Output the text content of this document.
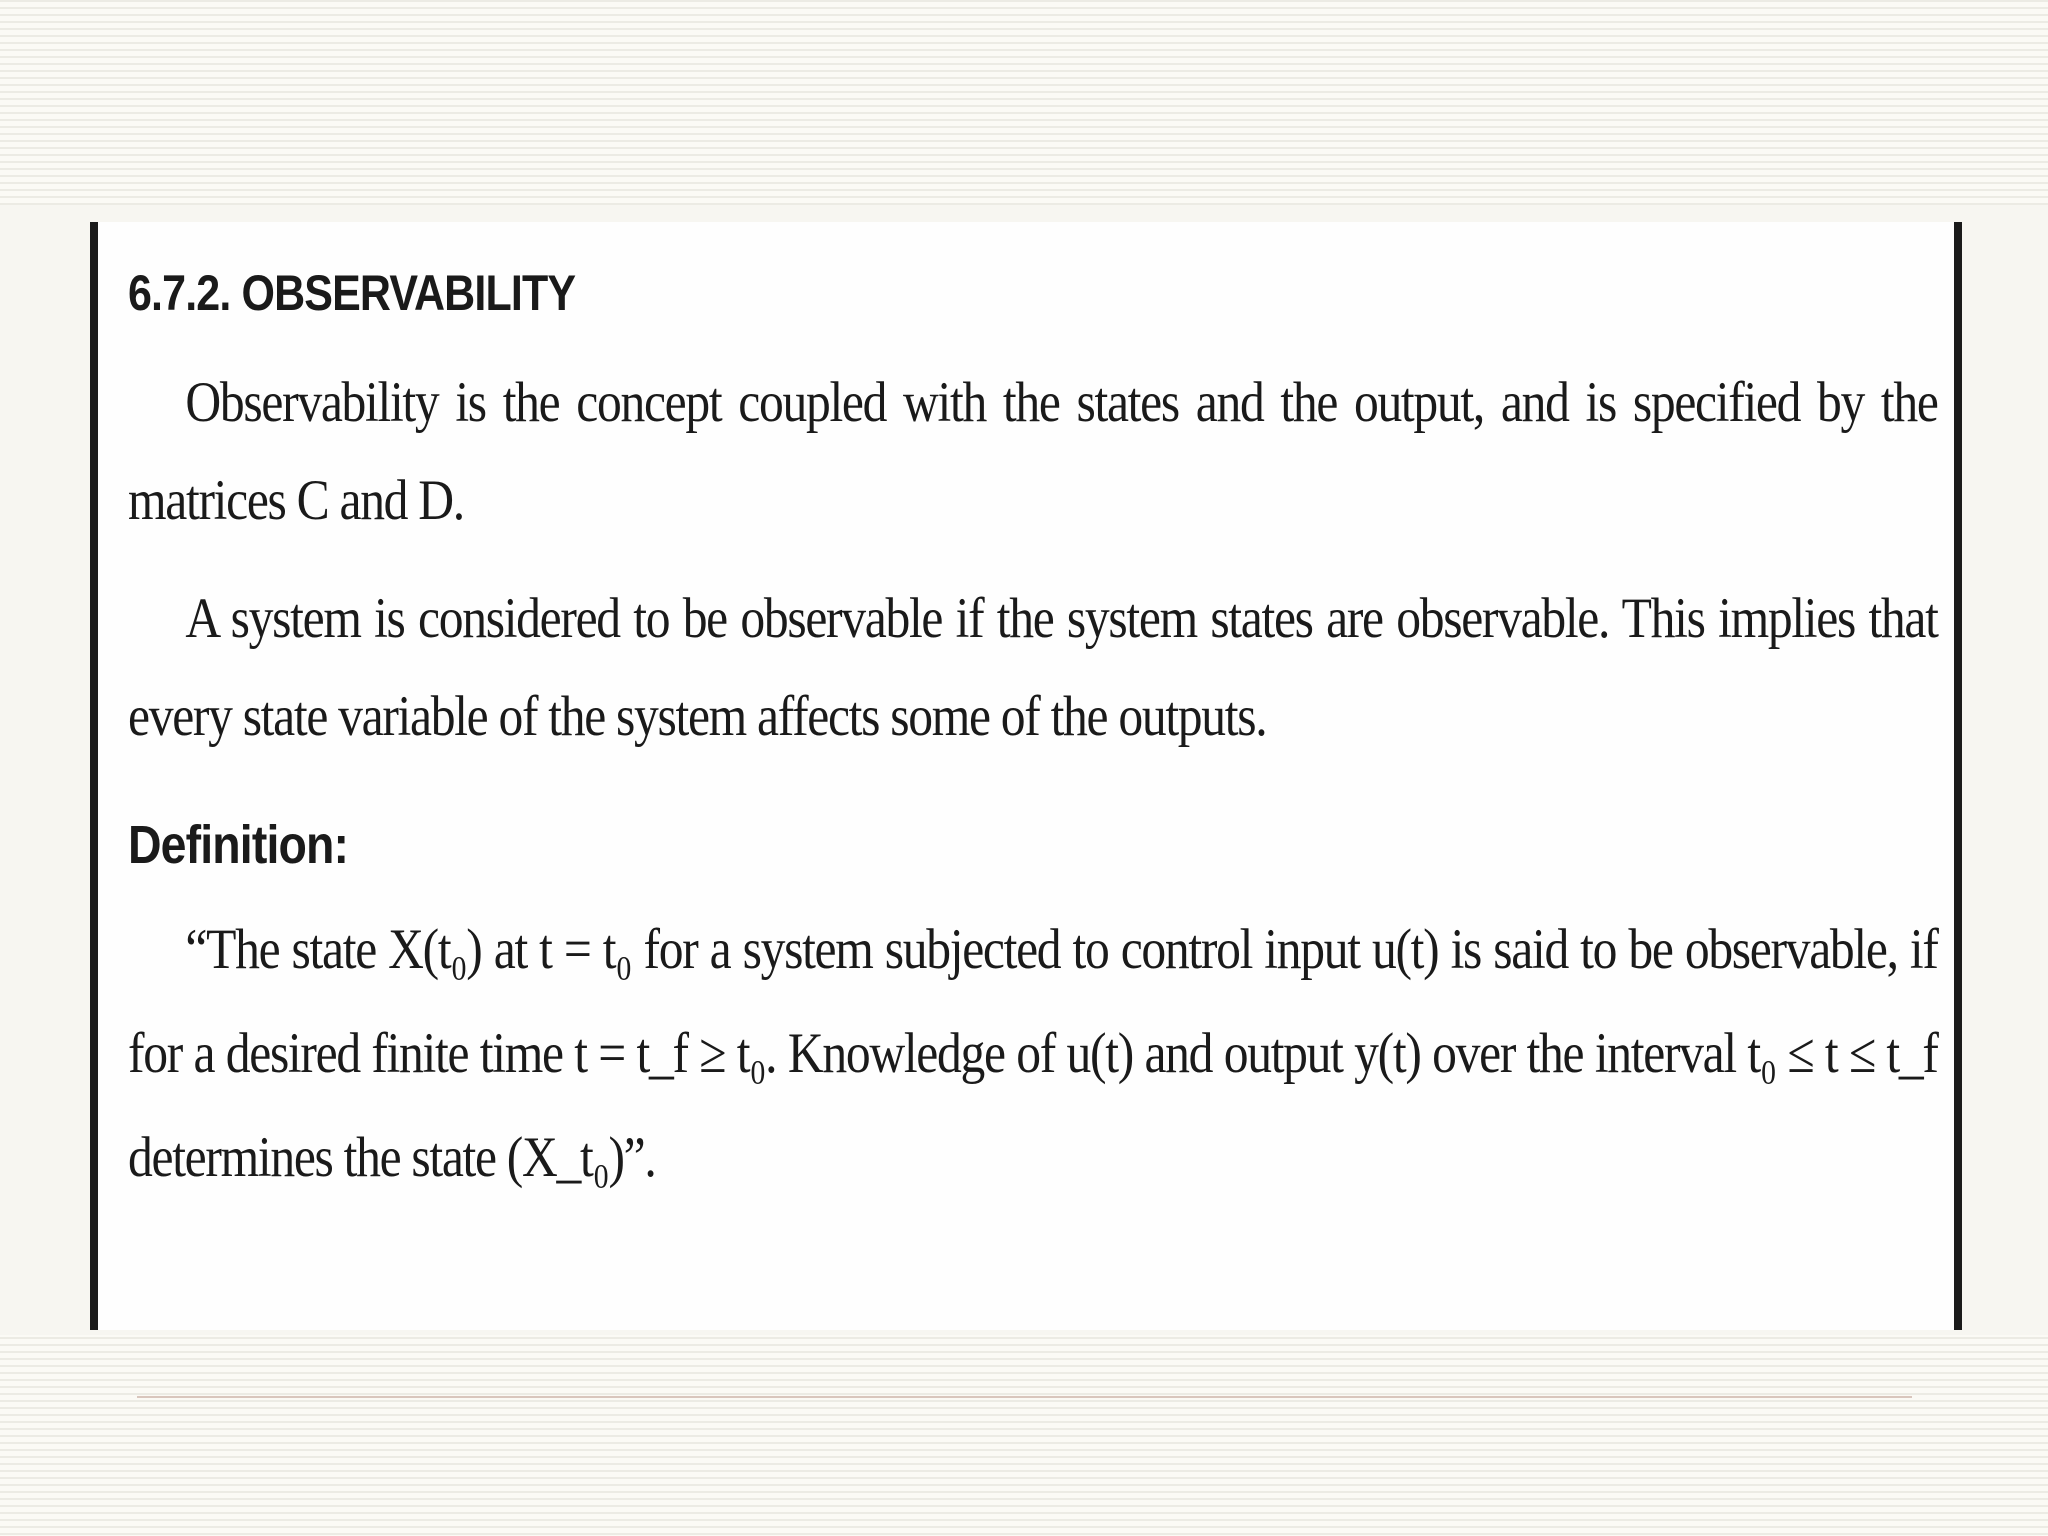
6.7.2. OBSERVABILITY

Observability is the concept coupled with the states and the output, and is specified by the matrices C and D.

A system is considered to be observable if the system states are observable. This implies that every state variable of the system affects some of the outputs.

Definition:

“The state X(t₀) at t = t₀ for a system subjected to control input u(t) is said to be observable, if for a desired finite time t = t_f ≥ t₀. Knowledge of u(t) and output y(t) over the interval t₀ ≤ t ≤ t_f determines the state (X_t₀)”.
